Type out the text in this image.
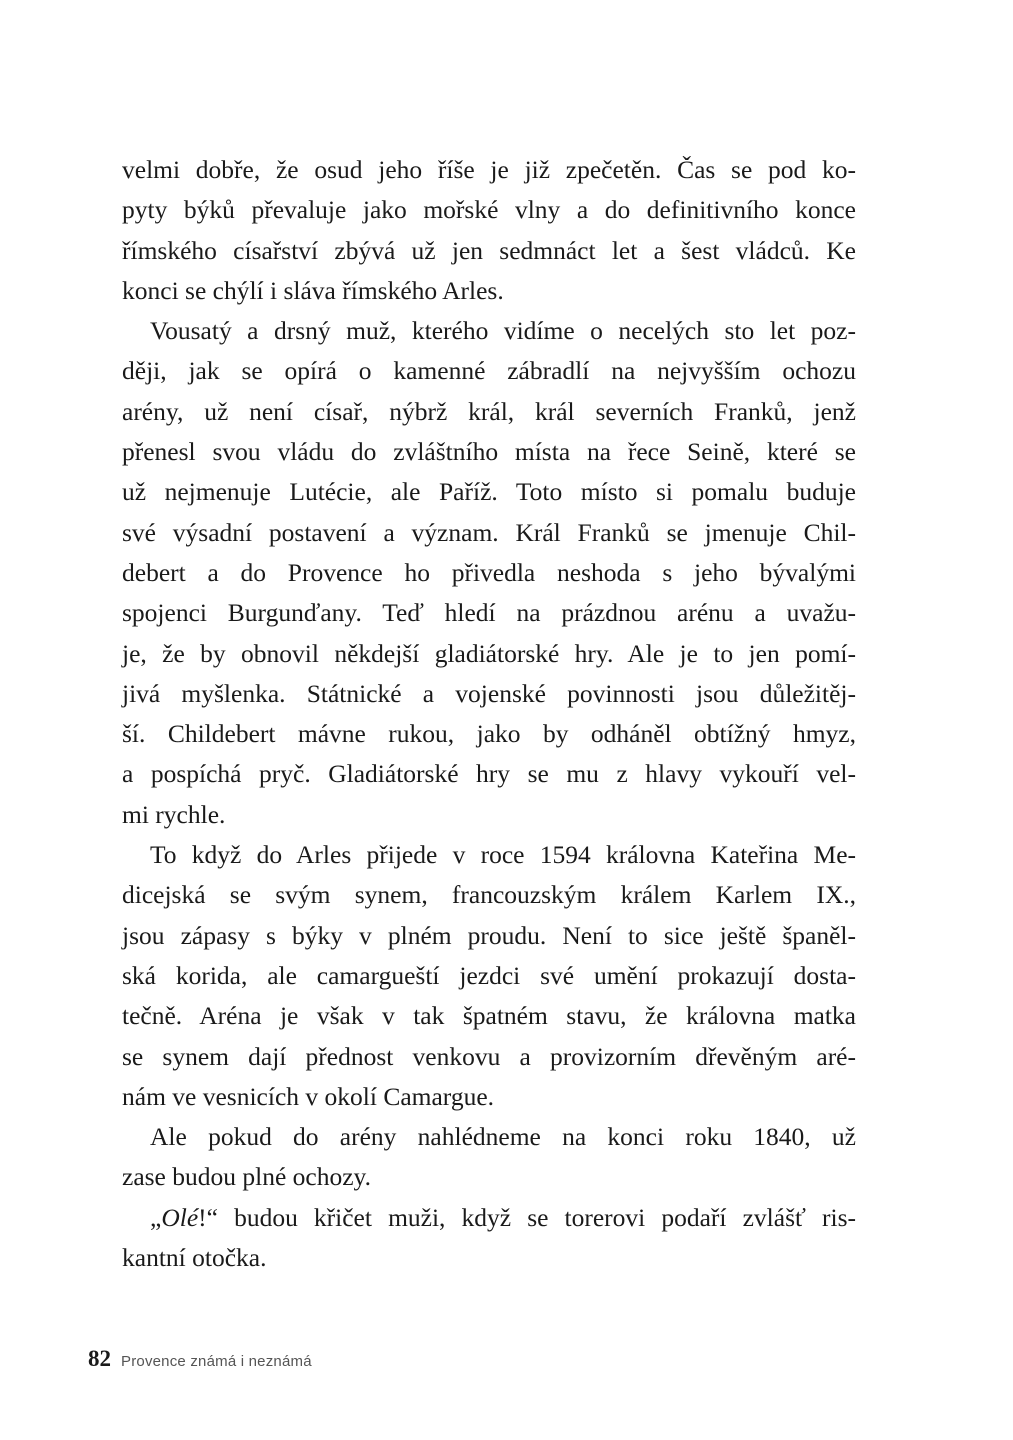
velmi dobře, že osud jeho říše je již zpečetěn. Čas se pod ko-
pyty býků převaluje jako mořské vlny a do definitivního konce
římského císařství zbývá už jen sedmnáct let a šest vládců. Ke
konci se chýlí i sláva římského Arles.
Vousatý a drsný muž, kterého vidíme o necelých sto let poz-
ději, jak se opírá o kamenné zábradlí na nejvyšším ochozu
arény, už není císař, nýbrž král, král severních Franků, jenž
přenesl svou vládu do zvláštního místa na řece Seině, které se
už nejmenuje Lutécie, ale Paříž. Toto místo si pomalu buduje
své výsadní postavení a význam. Král Franků se jmenuje Chil-
debert a do Provence ho přivedla neshoda s jeho bývalými
spojenci Burgunďany. Teď hledí na prázdnou arénu a uvažu-
je, že by obnovil někdejší gladiátorské hry. Ale je to jen pomí-
jivá myšlenka. Státnické a vojenské povinnosti jsou důležitěj-
ší. Childebert mávne rukou, jako by odháněl obtížný hmyz,
a pospíchá pryč. Gladiátorské hry se mu z hlavy vykouří vel-
mi rychle.
To když do Arles přijede v roce 1594 královna Kateřina Me-
dicejská se svým synem, francouzským králem Karlem IX.,
jsou zápasy s býky v plném proudu. Není to sice ještě španěl-
ská korida, ale camarguеští jezdci své umění prokazují dosta-
tečně. Aréna je však v tak špatném stavu, že královna matka
se synem dají přednost venkovu a provizorním dřevěným aré-
nám ve vesnicích v okolí Camargue.
Ale pokud do arény nahlédneme na konci roku 1840, už
zase budou plné ochozy.
„Olé!“ budou křičet muži, když se torerovi podaří zvlášť ris-
kantní otočka.
82 Provence známá i neznámá
